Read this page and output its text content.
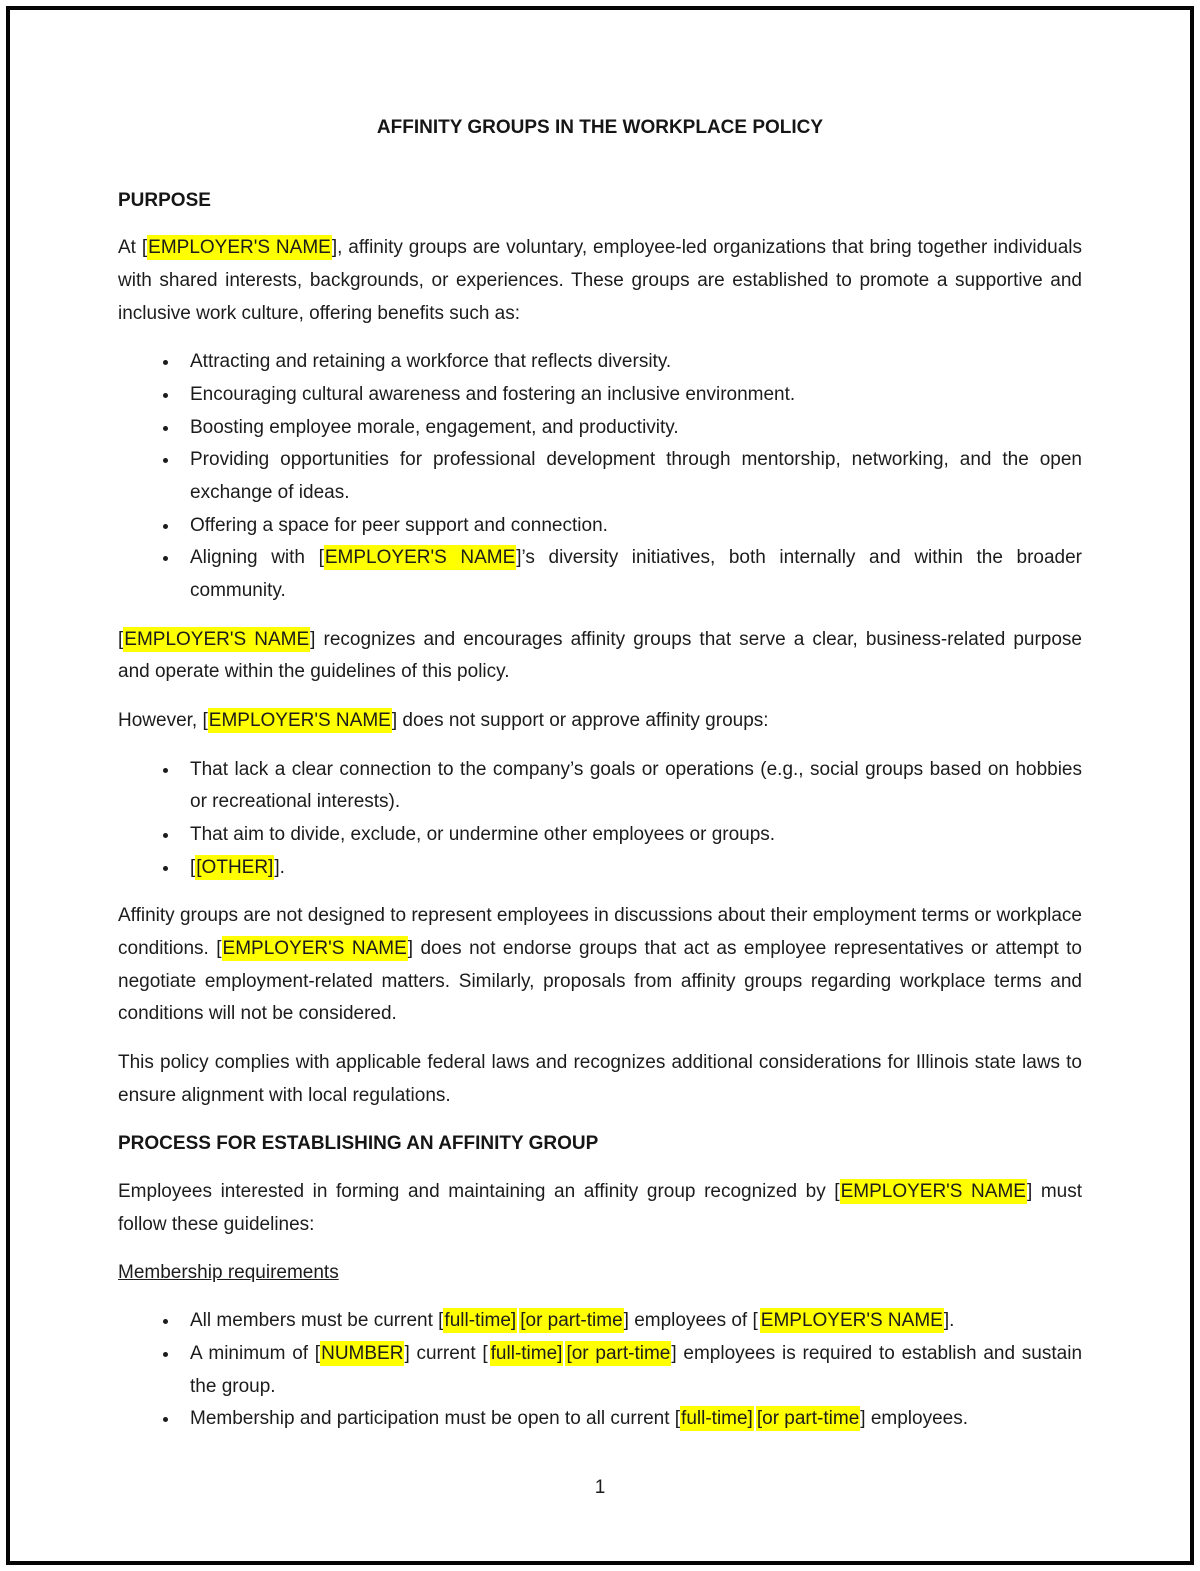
AFFINITY GROUPS IN THE WORKPLACE POLICY
PURPOSE

At [EMPLOYER'S NAME], affinity groups are voluntary, employee-led organizations that bring together individuals with shared interests, backgrounds, or experiences. These groups are established to promote a supportive and inclusive work culture, offering benefits such as:

• Attracting and retaining a workforce that reflects diversity.
• Encouraging cultural awareness and fostering an inclusive environment.
• Boosting employee morale, engagement, and productivity.
• Providing opportunities for professional development through mentorship, networking, and the open exchange of ideas.
• Offering a space for peer support and connection.
• Aligning with [EMPLOYER'S NAME]’s diversity initiatives, both internally and within the broader community.

[EMPLOYER'S NAME] recognizes and encourages affinity groups that serve a clear, business-related purpose and operate within the guidelines of this policy.

However, [EMPLOYER'S NAME] does not support or approve affinity groups:

• That lack a clear connection to the company’s goals or operations (e.g., social groups based on hobbies or recreational interests).
• That aim to divide, exclude, or undermine other employees or groups.
• [[OTHER]].

Affinity groups are not designed to represent employees in discussions about their employment terms or workplace conditions. [EMPLOYER'S NAME] does not endorse groups that act as employee representatives or attempt to negotiate employment-related matters. Similarly, proposals from affinity groups regarding workplace terms and conditions will not be considered.

This policy complies with applicable federal laws and recognizes additional considerations for Illinois state laws to ensure alignment with local regulations.

PROCESS FOR ESTABLISHING AN AFFINITY GROUP

Employees interested in forming and maintaining an affinity group recognized by [EMPLOYER'S NAME] must follow these guidelines:

Membership requirements
• All members must be current [full-time] [or part-time] employees of [ EMPLOYER'S NAME].
• A minimum of [NUMBER] current [ full-time] [or part-time] employees is required to establish and sustain the group.
• Membership and participation must be open to all current [full-time] [or part-time] employees.
1
